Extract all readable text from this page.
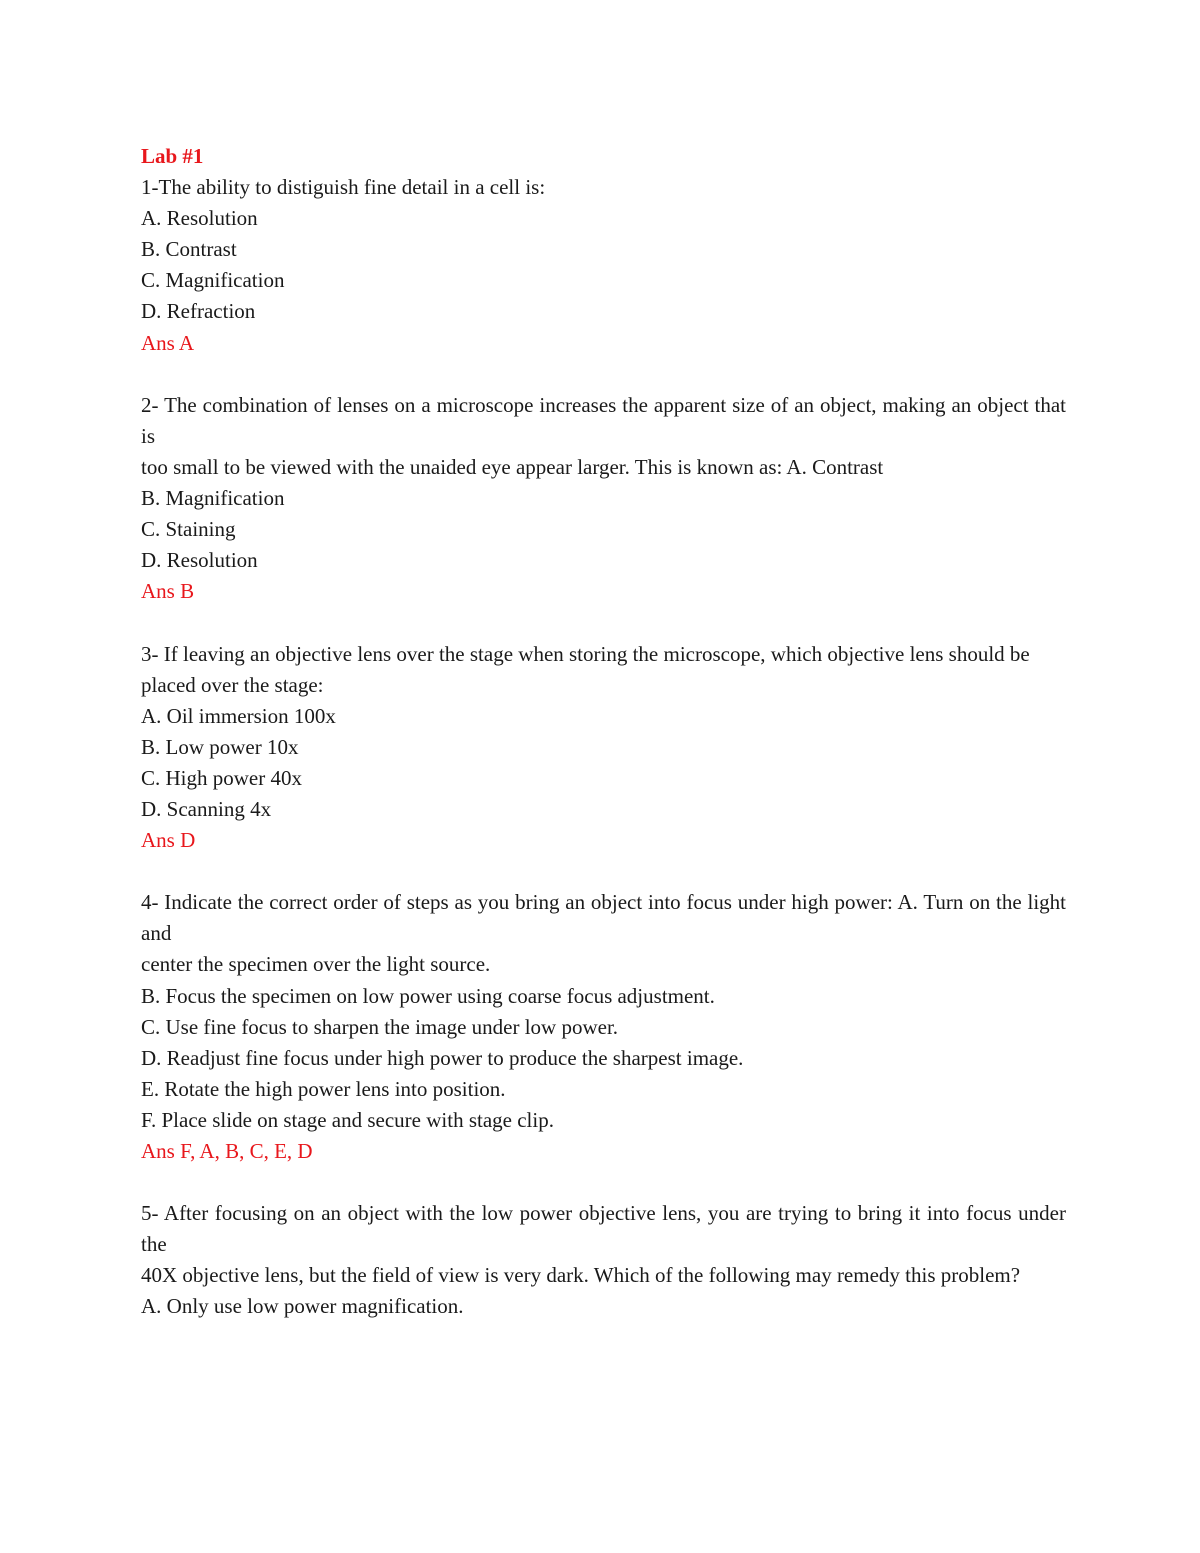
Lab #1
1-The ability to distiguish fine detail in a cell is:
A. Resolution
B. Contrast
C. Magnification
D. Refraction
Ans A
2- The combination of lenses on a microscope increases the apparent size of an object, making an object that is
too small to be viewed with the unaided eye appear larger. This is known as: A. Contrast
B. Magnification
C. Staining
D. Resolution
Ans B
3- If leaving an objective lens over the stage when storing the microscope, which objective lens should be
placed over the stage:
A. Oil immersion 100x
B. Low power 10x
C. High power 40x
D. Scanning 4x
Ans D
4- Indicate the correct order of steps as you bring an object into focus under high power: A. Turn on the light and
center the specimen over the light source.
B. Focus the specimen on low power using coarse focus adjustment.
C. Use fine focus to sharpen the image under low power.
D. Readjust fine focus under high power to produce the sharpest image.
E. Rotate the high power lens into position.
F. Place slide on stage and secure with stage clip.
Ans F, A, B, C, E, D
5- After focusing on an object with the low power objective lens, you are trying to bring it into focus under the
40X objective lens, but the field of view is very dark. Which of the following may remedy this problem?
A. Only use low power magnification.
